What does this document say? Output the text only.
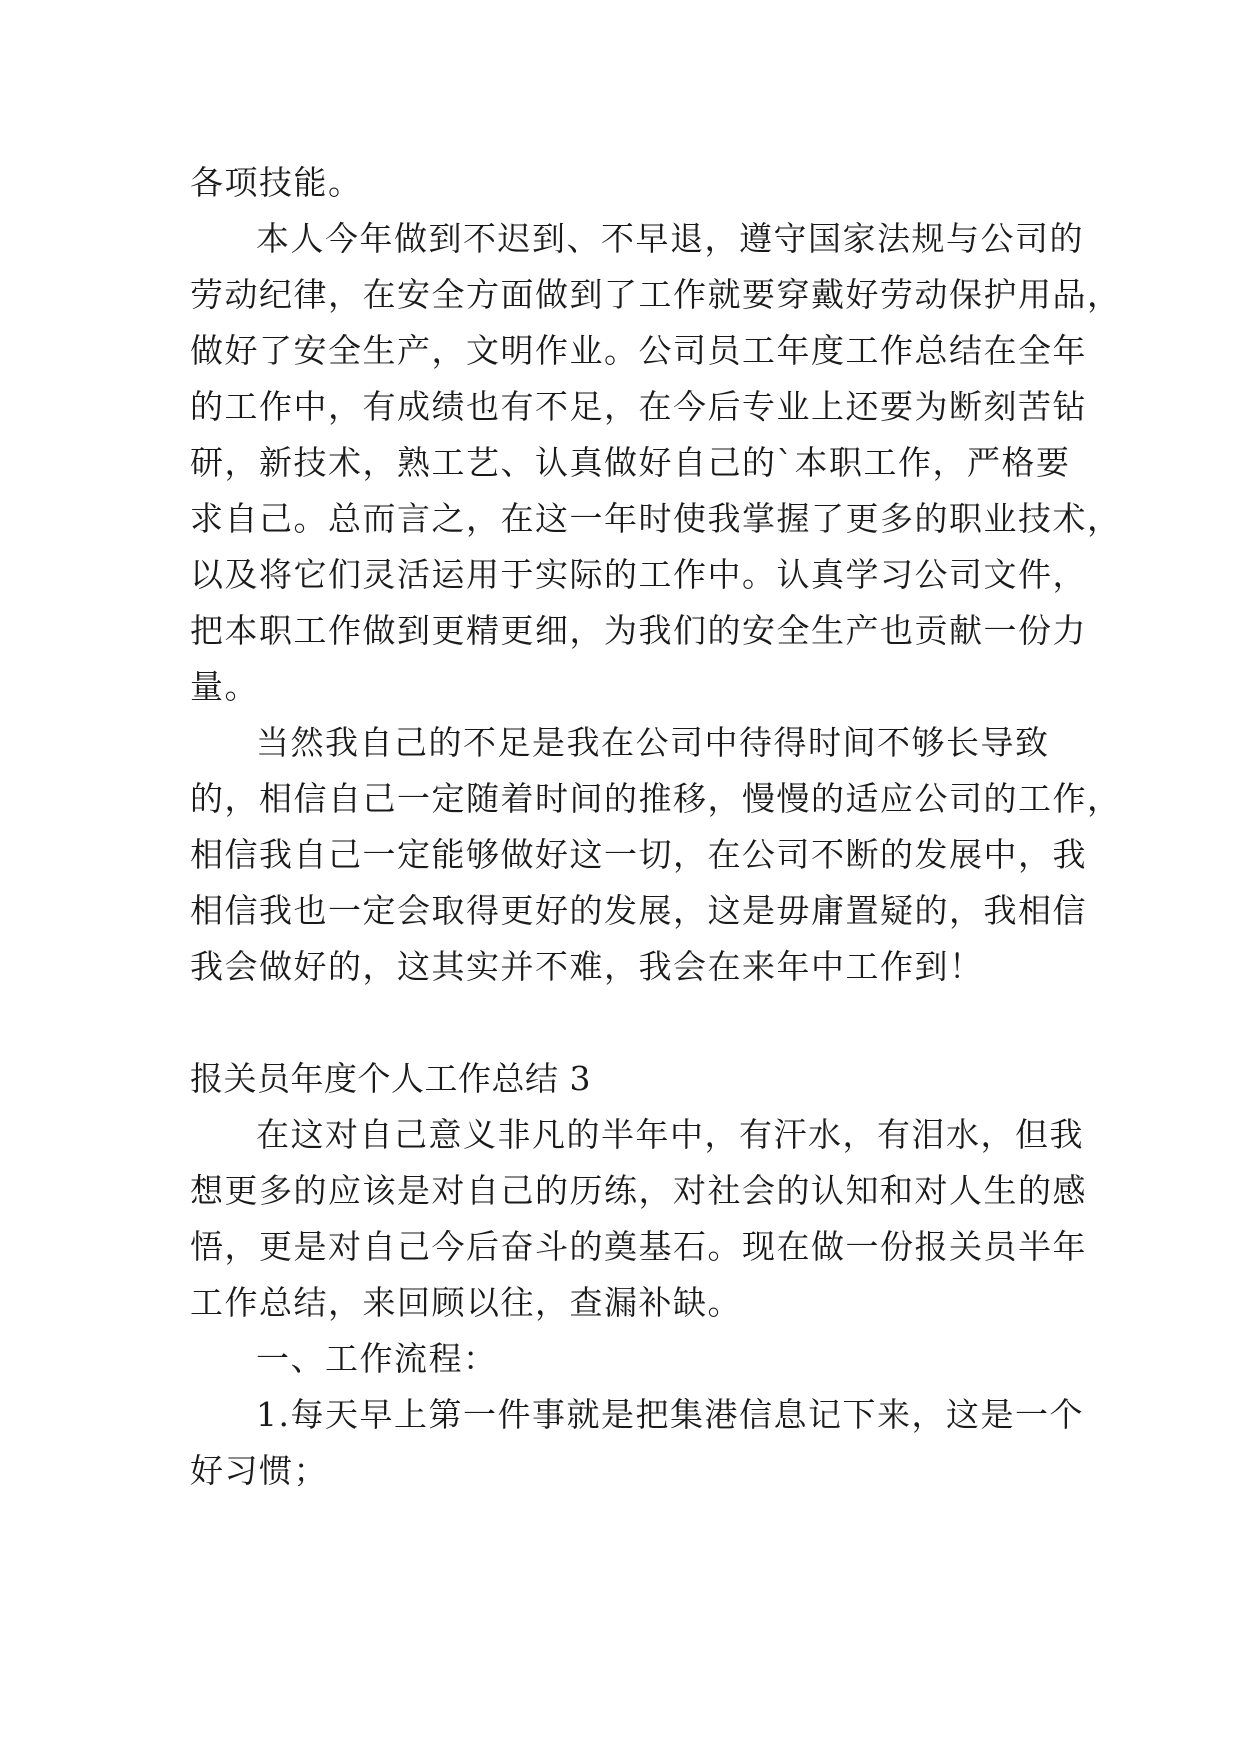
各项技能。
本人今年做到不迟到、不早退，遵守国家法规与公司的
劳动纪律，在安全方面做到了工作就要穿戴好劳动保护用品，
做好了安全生产，文明作业。公司员工年度工作总结在全年
的工作中，有成绩也有不足，在今后专业上还要为断刻苦钻
研，新技术，熟工艺、认真做好自己的`本职工作，严格要
求自己。总而言之，在这一年时使我掌握了更多的职业技术，
以及将它们灵活运用于实际的工作中。认真学习公司文件，
把本职工作做到更精更细，为我们的安全生产也贡献一份力
量。
当然我自己的不足是我在公司中待得时间不够长导致
的，相信自己一定随着时间的推移，慢慢的适应公司的工作，
相信我自己一定能够做好这一切，在公司不断的发展中，我
相信我也一定会取得更好的发展，这是毋庸置疑的，我相信
我会做好的，这其实并不难，我会在来年中工作到！
报关员年度个人工作总结 3
在这对自己意义非凡的半年中，有汗水，有泪水，但我
想更多的应该是对自己的历练，对社会的认知和对人生的感
悟，更是对自己今后奋斗的奠基石。现在做一份报关员半年
工作总结，来回顾以往，查漏补缺。
一、工作流程：
1.每天早上第一件事就是把集港信息记下来，这是一个
好习惯；
